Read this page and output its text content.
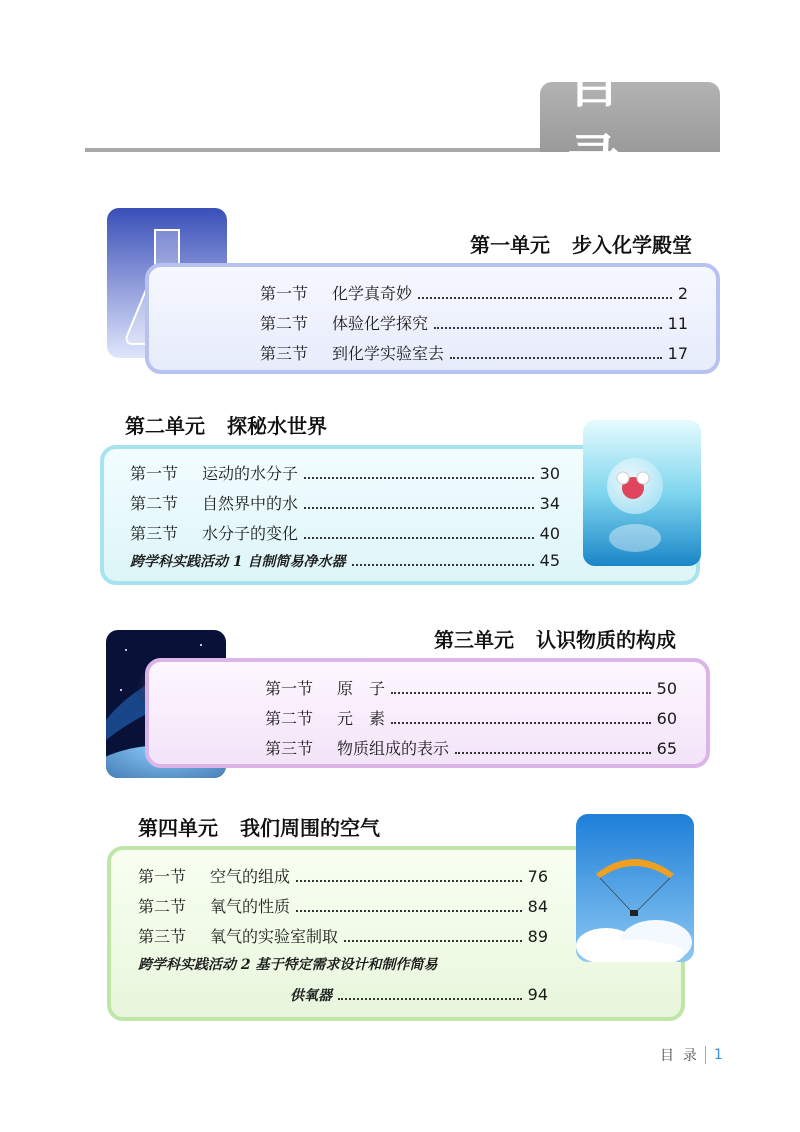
目 录
第一单元 步入化学殿堂
第一节	化学真奇妙	2
第二节	体验化学探究	11
第三节	到化学实验室去	17
第二单元 探秘水世界
第一节	运动的水分子	30
第二节	自然界中的水	34
第三节	水分子的变化	40
跨学科实践活动 1 自制简易净水器	45
第三单元 认识物质的构成
第一节	原　子	50
第二节	元　素	60
第三节	物质组成的表示	65
第四单元 我们周围的空气
第一节	空气的组成	76
第二节	氧气的性质	84
第三节	氧气的实验室制取	89
跨学科实践活动 2 基于特定需求设计和制作简易
供氧器	94
目  录 1
